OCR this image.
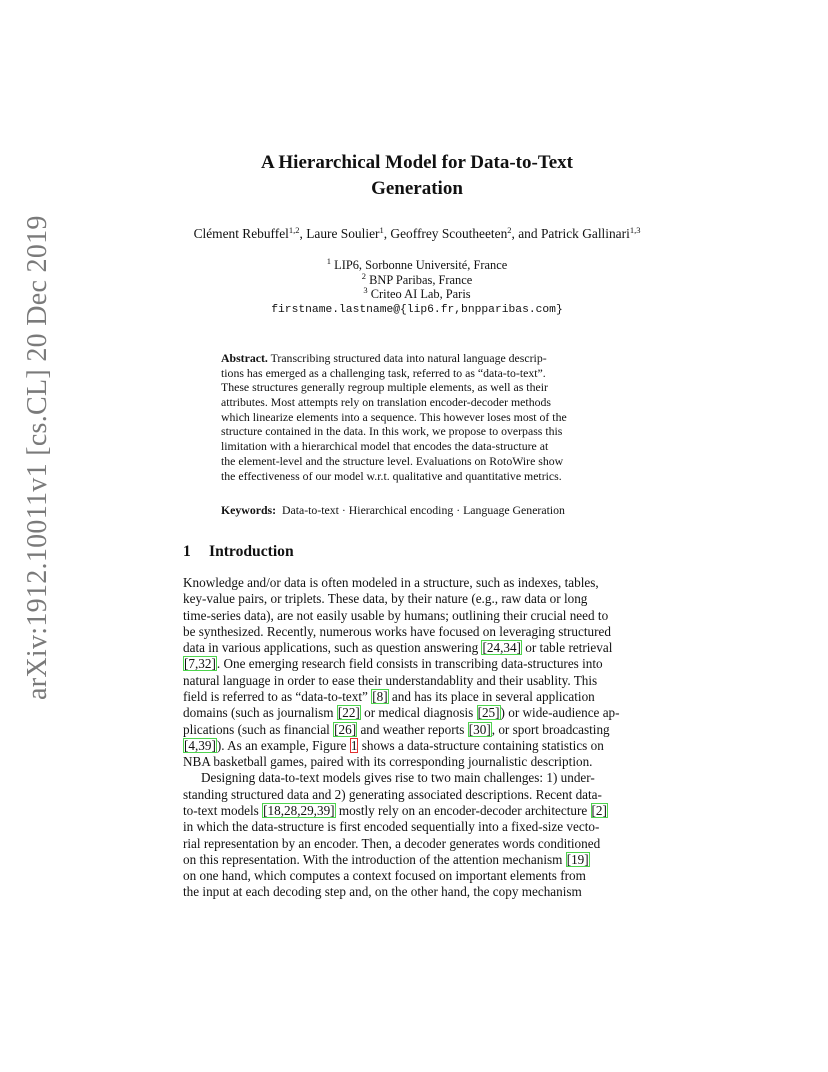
arXiv:1912.10011v1 [cs.CL] 20 Dec 2019
A Hierarchical Model for Data-to-Text
Generation
Clément Rebuffel$^{1,2}$, Laure Soulier$^1$, Geoffrey Scoutheeten$^2$, and Patrick Gallinari$^{1,3}$
$^1$ LIP6, Sorbonne Université, France
$^2$ BNP Paribas, France
$^3$ Criteo AI Lab, Paris
firstname.lastname@{lip6.fr,bnpparibas.com}
Abstract. Transcribing structured data into natural language descrip-
tions has emerged as a challenging task, referred to as “data-to-text”.
These structures generally regroup multiple elements, as well as their
attributes. Most attempts rely on translation encoder-decoder methods
which linearize elements into a sequence. This however loses most of the
structure contained in the data. In this work, we propose to overpass this
limitation with a hierarchical model that encodes the data-structure at
the element-level and the structure level. Evaluations on RotoWire show
the effectiveness of our model w.r.t. qualitative and quantitative metrics.
Keywords: Data-to-text · Hierarchical encoding · Language Generation
1 Introduction
Knowledge and/or data is often modeled in a structure, such as indexes, tables,
key-value pairs, or triplets. These data, by their nature (e.g., raw data or long
time-series data), are not easily usable by humans; outlining their crucial need to
be synthesized. Recently, numerous works have focused on leveraging structured
data in various applications, such as question answering [24,34] or table retrieval
[7,32]. One emerging research field consists in transcribing data-structures into
natural language in order to ease their understandablity and their usablity. This
field is referred to as “data-to-text” [8] and has its place in several application
domains (such as journalism [22] or medical diagnosis [25]) or wide-audience ap-
plications (such as financial [26] and weather reports [30], or sport broadcasting
[4,39]). As an example, Figure 1 shows a data-structure containing statistics on
NBA basketball games, paired with its corresponding journalistic description.
Designing data-to-text models gives rise to two main challenges: 1) under-
standing structured data and 2) generating associated descriptions. Recent data-
to-text models [18,28,29,39] mostly rely on an encoder-decoder architecture [2]
in which the data-structure is first encoded sequentially into a fixed-size vecto-
rial representation by an encoder. Then, a decoder generates words conditioned
on this representation. With the introduction of the attention mechanism [19]
on one hand, which computes a context focused on important elements from
the input at each decoding step and, on the other hand, the copy mechanism
